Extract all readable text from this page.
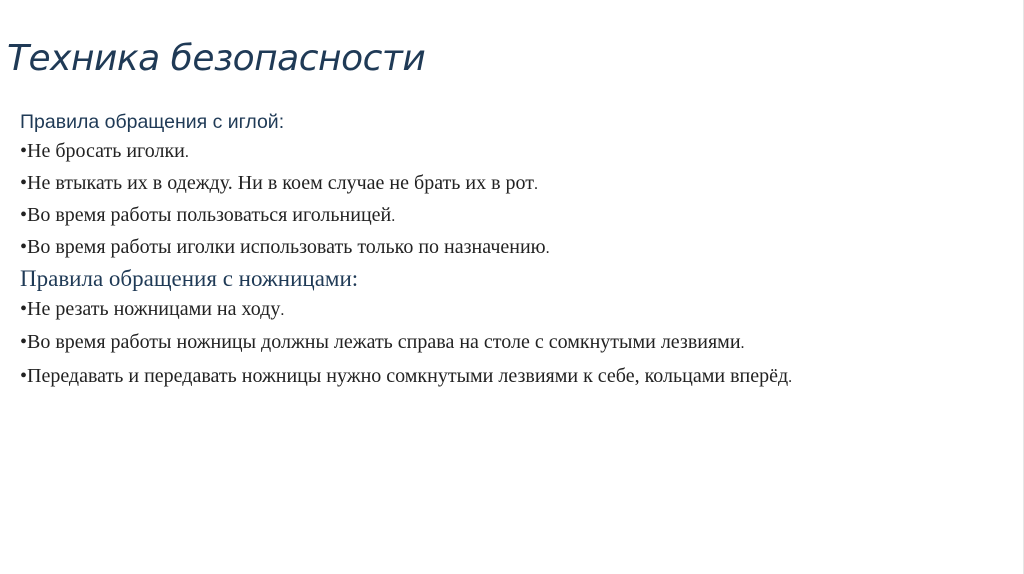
Техника безопасности
Правила обращения с иглой:
•Не бросать иголки.
•Не втыкать их в одежду. Ни в коем случае не брать их в рот.
•Во время работы пользоваться игольницей.
•Во время работы иголки использовать только по назначению.
Правила обращения с ножницами:
•Не резать ножницами на ходу.
•Во время работы ножницы должны лежать справа на столе с сомкнутыми лезвиями.
•Передавать и передавать ножницы нужно сомкнутыми лезвиями к себе, кольцами вперёд.
